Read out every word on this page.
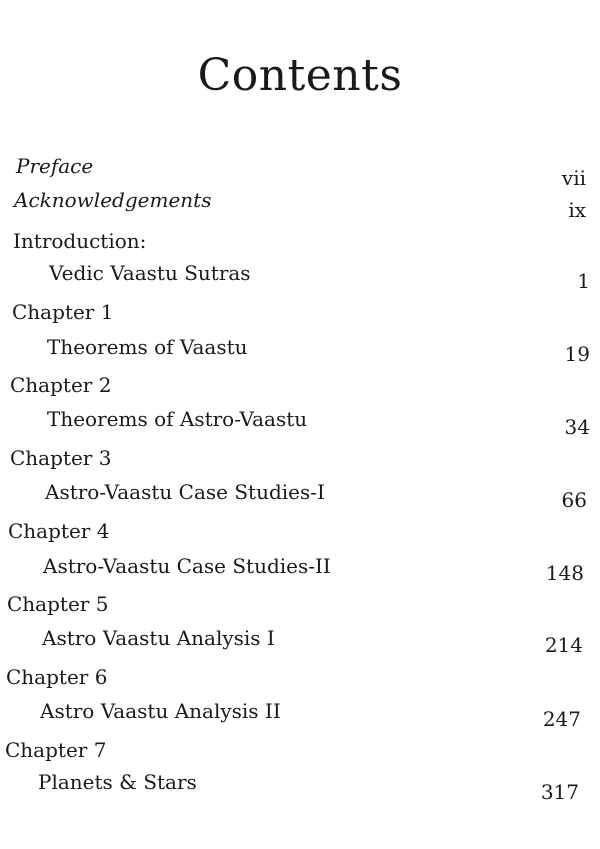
Contents
Preface	vii
Acknowledgements	ix
Introduction:
Vedic Vaastu Sutras	1
Chapter 1
Theorems of Vaastu	19
Chapter 2
Theorems of Astro-Vaastu	34
Chapter 3
Astro-Vaastu Case Studies-I	66
Chapter 4
Astro-Vaastu Case Studies-II	148
Chapter 5
Astro Vaastu Analysis I	214
Chapter 6
Astro Vaastu Analysis II	247
Chapter 7
Planets & Stars	317
